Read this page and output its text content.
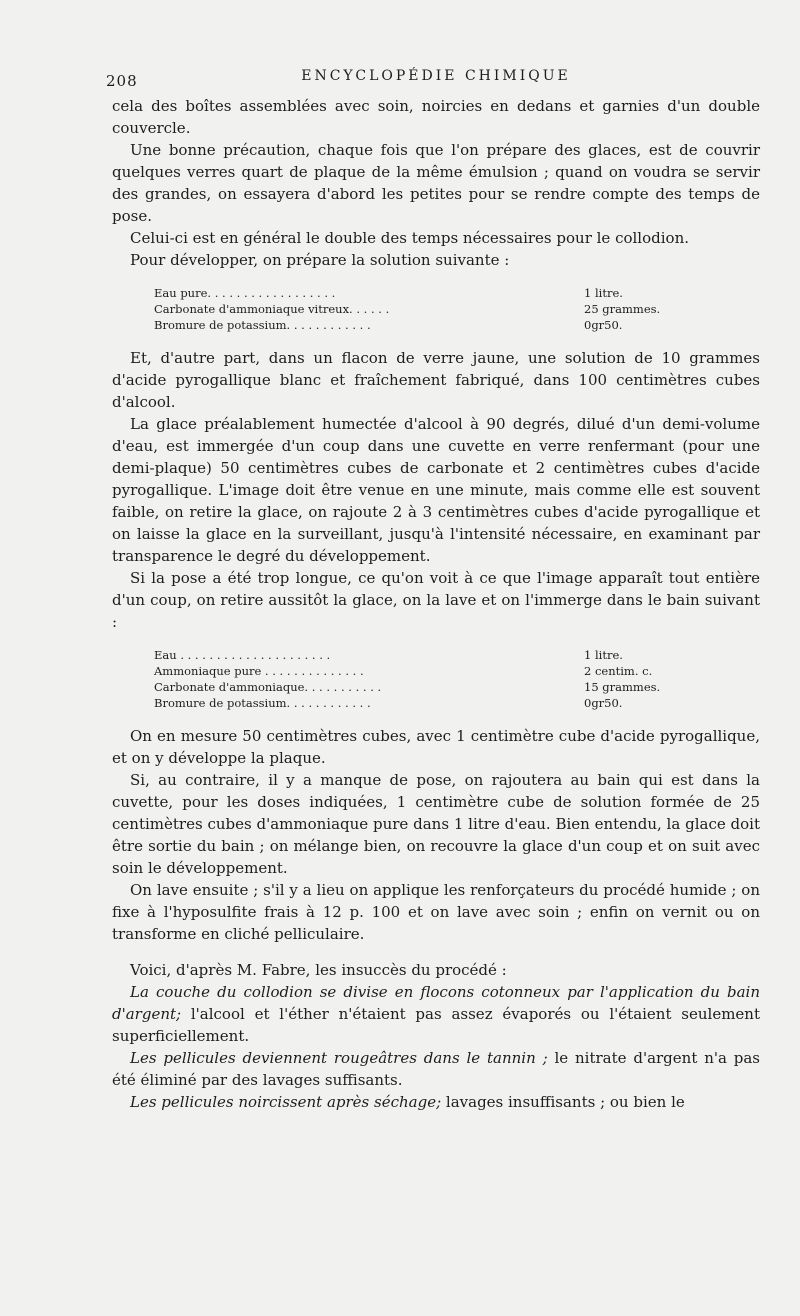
208	ENCYCLOPÉDIE CHIMIQUE

cela des boîtes assemblées avec soin, noircies en dedans et garnies d'un double couvercle.

Une bonne précaution, chaque fois que l'on prépare des glaces, est de couvrir quelques verres quart de plaque de la même émulsion ; quand on voudra se servir des grandes, on essayera d'abord les petites pour se rendre compte des temps de pose.

Celui-ci est en général le double des temps nécessaires pour le collodion.

Pour développer, on prépare la solution suivante :

Eau pure. . . . . . . . . . . . . . . . . .	1 litre.
Carbonate d'ammoniaque vitreux. . . . . .	25 grammes.
Bromure de potassium. . . . . . . . . . . .	0gr50.

Et, d'autre part, dans un flacon de verre jaune, une solution de 10 grammes d'acide pyrogallique blanc et fraîchement fabriqué, dans 100 centimètres cubes d'alcool.

La glace préalablement humectée d'alcool à 90 degrés, dilué d'un demi-volume d'eau, est immergée d'un coup dans une cuvette en verre renfermant (pour une demi-plaque) 50 centimètres cubes de carbonate et 2 centimètres cubes d'acide pyrogallique. L'image doit être venue en une minute, mais comme elle est souvent faible, on retire la glace, on rajoute 2 à 3 centimètres cubes d'acide pyrogallique et on laisse la glace en la surveillant, jusqu'à l'intensité nécessaire, en examinant par transparence le degré du développement.

Si la pose a été trop longue, ce qu'on voit à ce que l'image apparaît tout entière d'un coup, on retire aussitôt la glace, on la lave et on l'immerge dans le bain suivant :

Eau . . . . . . . . . . . . . . . . . . . . .	1 litre.
Ammoniaque pure . . . . . . . . . . . . . .	2 centim. c.
Carbonate d'ammoniaque. . . . . . . . . . .	15 grammes.
Bromure de potassium. . . . . . . . . . . .	0gr50.

On en mesure 50 centimètres cubes, avec 1 centimètre cube d'acide pyrogallique, et on y développe la plaque.

Si, au contraire, il y a manque de pose, on rajoutera au bain qui est dans la cuvette, pour les doses indiquées, 1 centimètre cube de solution formée de 25 centimètres cubes d'ammoniaque pure dans 1 litre d'eau. Bien entendu, la glace doit être sortie du bain ; on mélange bien, on recouvre la glace d'un coup et on suit avec soin le développement.

On lave ensuite ; s'il y a lieu on applique les renforçateurs du procédé humide ; on fixe à l'hyposulfite frais à 12 p. 100 et on lave avec soin ; enfin on vernit ou on transforme en cliché pelliculaire.

Voici, d'après M. Fabre, les insuccès du procédé :

La couche du collodion se divise en flocons cotonneux par l'application du bain d'argent; l'alcool et l'éther n'étaient pas assez évaporés ou l'étaient seulement superficiellement.

Les pellicules deviennent rougeâtres dans le tannin ; le nitrate d'argent n'a pas été éliminé par des lavages suffisants.

Les pellicules noircissent après séchage; lavages insuffisants ; ou bien le
